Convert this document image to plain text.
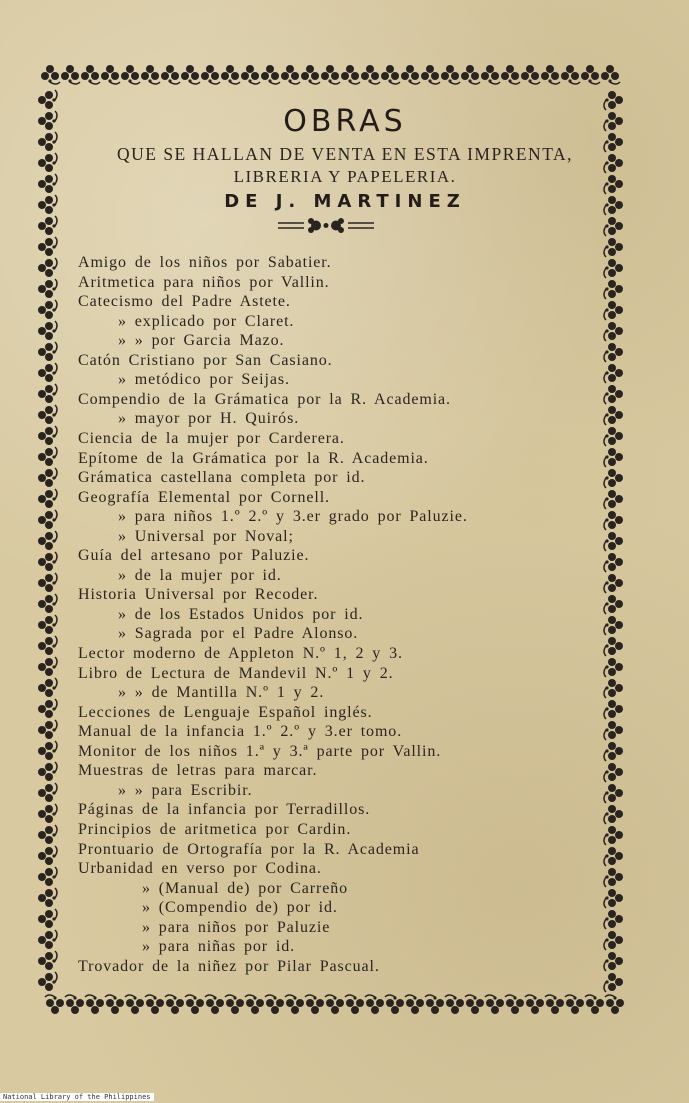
OBRAS
QUE SE HALLAN DE VENTA EN ESTA IMPRENTA,
LIBRERIA Y PAPELERIA.
DE J. MARTINEZ
Amigo de los niños por Sabatier.
Aritmetica para niños por Vallin.
Catecismo del Padre Astete.
» explicado por Claret.
» » por Garcia Mazo.
Catón Cristiano por San Casiano.
» metódico por Seijas.
Compendio de la Grámatica por la R. Academia.
» mayor por H. Quirós.
Ciencia de la mujer por Carderera.
Epítome de la Grámatica por la R. Academia.
Grámatica castellana completa por id.
Geografía Elemental por Cornell.
» para niños 1.º 2.º y 3.er grado por Paluzie.
» Universal por Noval;
Guía del artesano por Paluzie.
» de la mujer por id.
Historia Universal por Recoder.
» de los Estados Unidos por id.
» Sagrada por el Padre Alonso.
Lector moderno de Appleton N.º 1, 2 y 3.
Libro de Lectura de Mandevil N.º 1 y 2.
» » de Mantilla N.º 1 y 2.
Lecciones de Lenguaje Español inglés.
Manual de la infancia 1.º 2.º y 3.er tomo.
Monitor de los niños 1.ª y 3.ª parte por Vallin.
Muestras de letras para marcar.
» » para Escribir.
Páginas de la infancia por Terradillos.
Principios de aritmetica por Cardin.
Prontuario de Ortografía por la R. Academia
Urbanidad en verso por Codina.
» (Manual de) por Carreño
» (Compendio de) por id.
» para niños por Paluzie
» para niñas por id.
Trovador de la niñez por Pilar Pascual.
National Library of the Philippines
